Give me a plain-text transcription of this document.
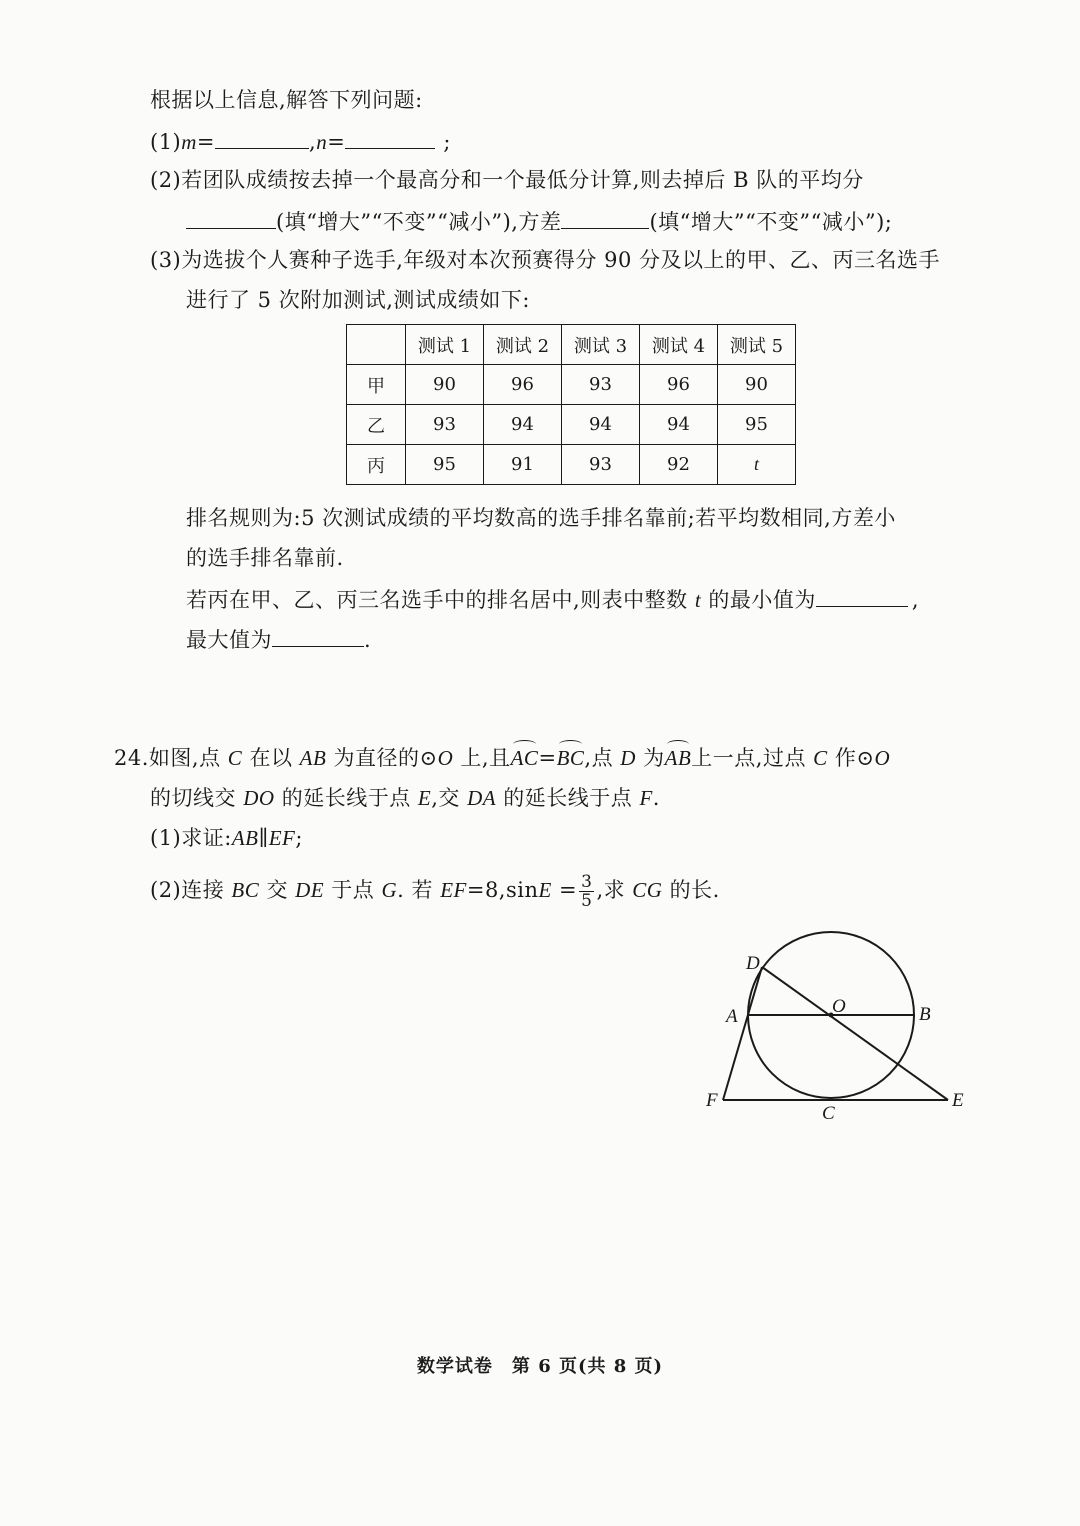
根据以上信息,解答下列问题:
(1)m=	,n=	;
(2)若团队成绩按去掉一个最高分和一个最低分计算,则去掉后 B 队的平均分
(填“增大”“不变”“减小”),方差	(填“增大”“不变”“减小”);
(3)为选拔个人赛种子选手,年级对本次预赛得分 90 分及以上的甲、乙、丙三名选手
进行了 5 次附加测试,测试成绩如下:
	测试 1	测试 2	测试 3	测试 4	测试 5
甲	90	96	93	96	90
乙	93	94	94	94	95
丙	95	91	93	92	t
排名规则为:5 次测试成绩的平均数高的选手排名靠前;若平均数相同,方差小
的选手排名靠前.
若丙在甲、乙、丙三名选手中的排名居中,则表中整数 t 的最小值为	,
最大值为	.
24.如图,点 C 在以 AB 为直径的⊙O 上,且AC=BC,点 D 为AB上一点,过点 C 作⊙O
的切线交 DO 的延长线于点 E,交 DA 的延长线于点 F.
(1)求证:AB∥EF;
(2)连接 BC 交 DE 于点 G. 若 $EF=8,\sin E = \frac{3}{5}$ ,求 CG 的长.
D
O
A	B
F
C
E
数学试卷　第 6 页(共 8 页)
